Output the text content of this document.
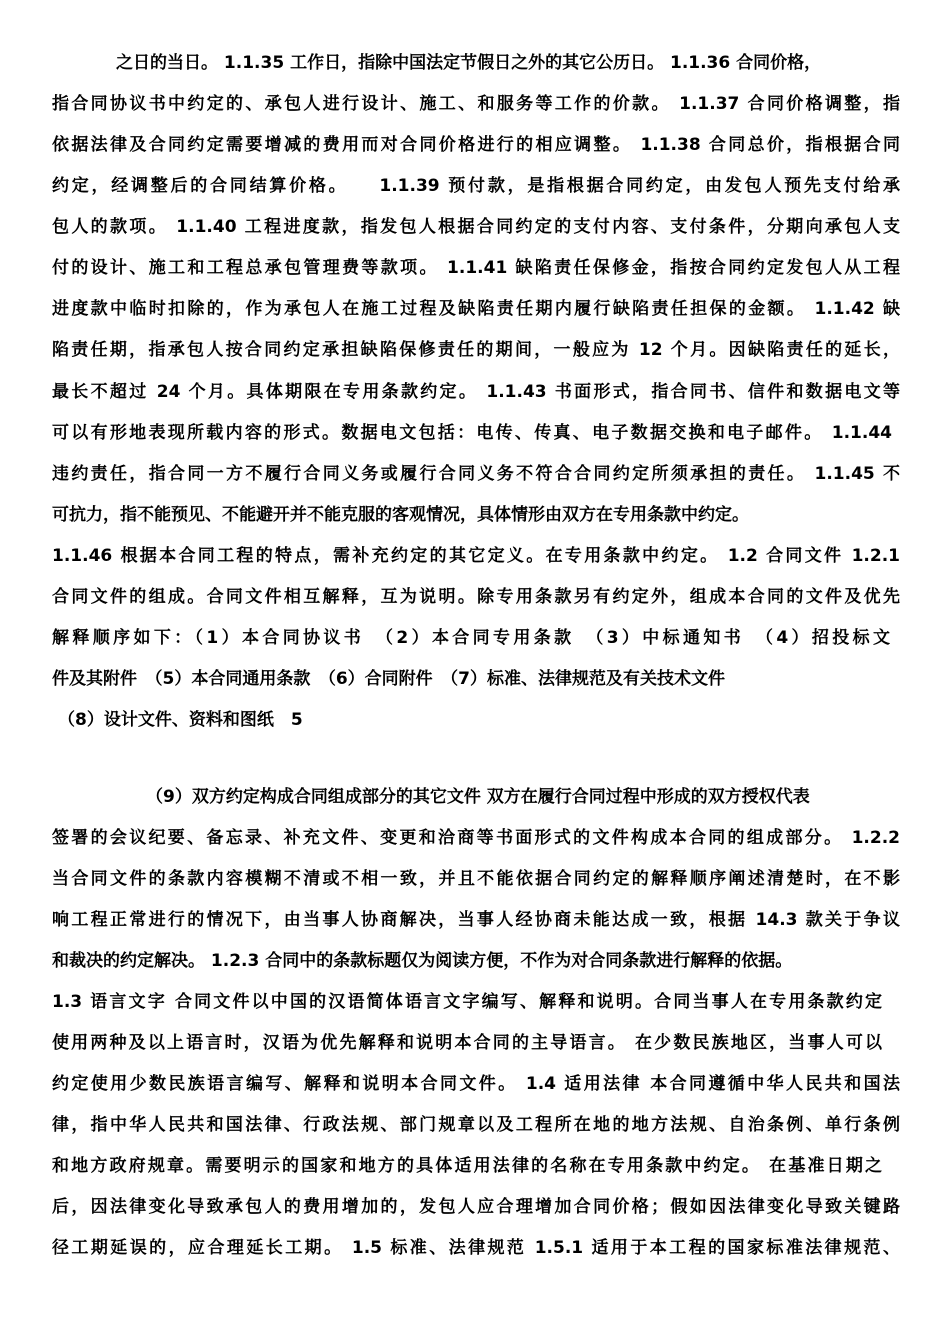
之日的当日。 1.1.35 工作日，指除中国法定节假日之外的其它公历日。 1.1.36 合同价格，
指合同协议书中约定的、承包人进行设计、施工、和服务等工作的价款。 1.1.37 合同价格调整，指
依据法律及合同约定需要增减的费用而对合同价格进行的相应调整。 1.1.38 合同总价，指根据合同
约定，经调整后的合同结算价格。　　1.1.39 预付款，是指根据合同约定，由发包人预先支付给承
包人的款项。 1.1.40 工程进度款，指发包人根据合同约定的支付内容、支付条件，分期向承包人支
付的设计、施工和工程总承包管理费等款项。 1.1.41 缺陷责任保修金，指按合同约定发包人从工程
进度款中临时扣除的，作为承包人在施工过程及缺陷责任期内履行缺陷责任担保的金额。 1.1.42 缺
陷责任期，指承包人按合同约定承担缺陷保修责任的期间，一般应为 12 个月。因缺陷责任的延长，
最长不超过 24 个月。具体期限在专用条款约定。 1.1.43 书面形式，指合同书、信件和数据电文等
可以有形地表现所载内容的形式。数据电文包括：电传、传真、电子数据交换和电子邮件。 1.1.44
违约责任，指合同一方不履行合同义务或履行合同义务不符合合同约定所须承担的责任。 1.1.45 不
可抗力，指不能预见、不能避开并不能克服的客观情况，具体情形由双方在专用条款中约定。
1.1.46 根据本合同工程的特点，需补充约定的其它定义。在专用条款中约定。 1.2 合同文件 1.2.1
合同文件的组成。合同文件相互解释，互为说明。除专用条款另有约定外，组成本合同的文件及优先
解释顺序如下：（1）本合同协议书　（2）本合同专用条款　（3）中标通知书　（4）招投标文
件及其附件　（5）本合同通用条款　（6）合同附件　（7）标准、法律规范及有关技术文件
（8）设计文件、资料和图纸　5
（9）双方约定构成合同组成部分的其它文件 双方在履行合同过程中形成的双方授权代表
签署的会议纪要、备忘录、补充文件、变更和洽商等书面形式的文件构成本合同的组成部分。 1.2.2
当合同文件的条款内容模糊不清或不相一致，并且不能依据合同约定的解释顺序阐述清楚时，在不影
响工程正常进行的情况下，由当事人协商解决，当事人经协商未能达成一致，根据 14.3 款关于争议
和裁决的约定解决。 1.2.3 合同中的条款标题仅为阅读方便，不作为对合同条款进行解释的依据。
1.3 语言文字 合同文件以中国的汉语简体语言文字编写、解释和说明。合同当事人在专用条款约定
使用两种及以上语言时，汉语为优先解释和说明本合同的主导语言。 在少数民族地区，当事人可以
约定使用少数民族语言编写、解释和说明本合同文件。 1.4 适用法律 本合同遵循中华人民共和国法
律，指中华人民共和国法律、行政法规、部门规章以及工程所在地的地方法规、自治条例、单行条例
和地方政府规章。需要明示的国家和地方的具体适用法律的名称在专用条款中约定。 在基准日期之
后，因法律变化导致承包人的费用增加的，发包人应合理增加合同价格；假如因法律变化导致关键路
径工期延误的，应合理延长工期。 1.5 标准、法律规范 1.5.1 适用于本工程的国家标准法律规范、
